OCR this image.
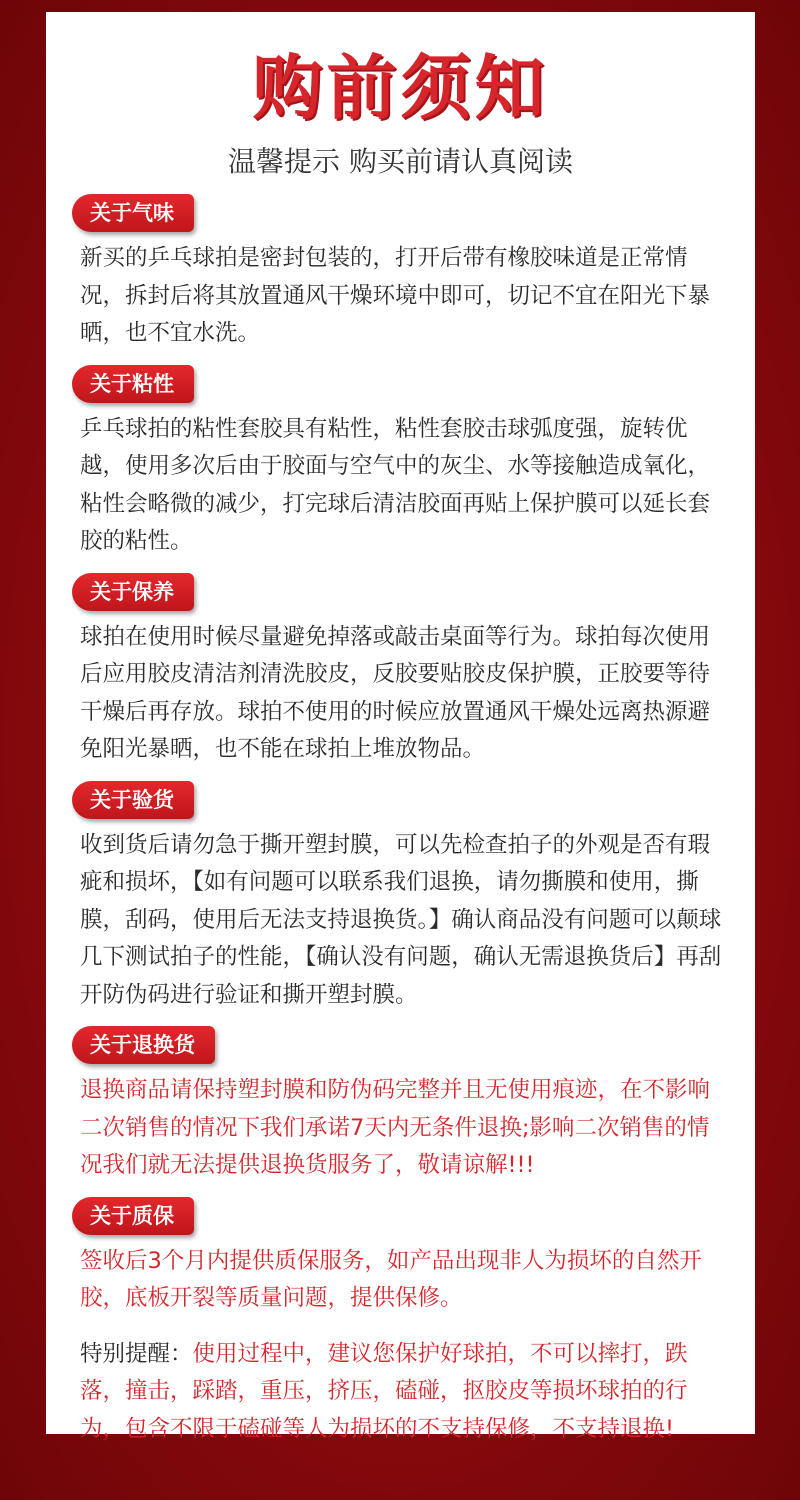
购前须知
温馨提示 购买前请认真阅读
关于气味
新买的乒乓球拍是密封包装的，打开后带有橡胶味道是正常情况，拆封后将其放置通风干燥环境中即可，切记不宜在阳光下暴晒，也不宜水洗。
关于粘性
乒乓球拍的粘性套胶具有粘性，粘性套胶击球弧度强，旋转优越，使用多次后由于胶面与空气中的灰尘、水等接触造成氧化，粘性会略微的减少，打完球后清洁胶面再贴上保护膜可以延长套胶的粘性。
关于保养
球拍在使用时候尽量避免掉落或敲击桌面等行为。球拍每次使用后应用胶皮清洁剂清洗胶皮，反胶要贴胶皮保护膜，正胶要等待干燥后再存放。球拍不使用的时候应放置通风干燥处远离热源避免阳光暴晒，也不能在球拍上堆放物品。
关于验货
收到货后请勿急于撕开塑封膜，可以先检查拍子的外观是否有瑕疵和损坏，【如有问题可以联系我们退换，请勿撕膜和使用，撕膜，刮码，使用后无法支持退换货。】确认商品没有问题可以颠球几下测试拍子的性能，【确认没有问题，确认无需退换货后】再刮开防伪码进行验证和撕开塑封膜。
关于退换货
退换商品请保持塑封膜和防伪码完整并且无使用痕迹，在不影响二次销售的情况下我们承诺7天内无条件退换;影响二次销售的情况我们就无法提供退换货服务了，敬请谅解!!!
关于质保
签收后3个月内提供质保服务，如产品出现非人为损坏的自然开胶，底板开裂等质量问题，提供保修。
特别提醒：使用过程中，建议您保护好球拍，不可以摔打，跌落，撞击，踩踏，重压，挤压，磕碰，抠胶皮等损坏球拍的行为，包含不限于磕碰等人为损坏的不支持保修，不支持退换!
